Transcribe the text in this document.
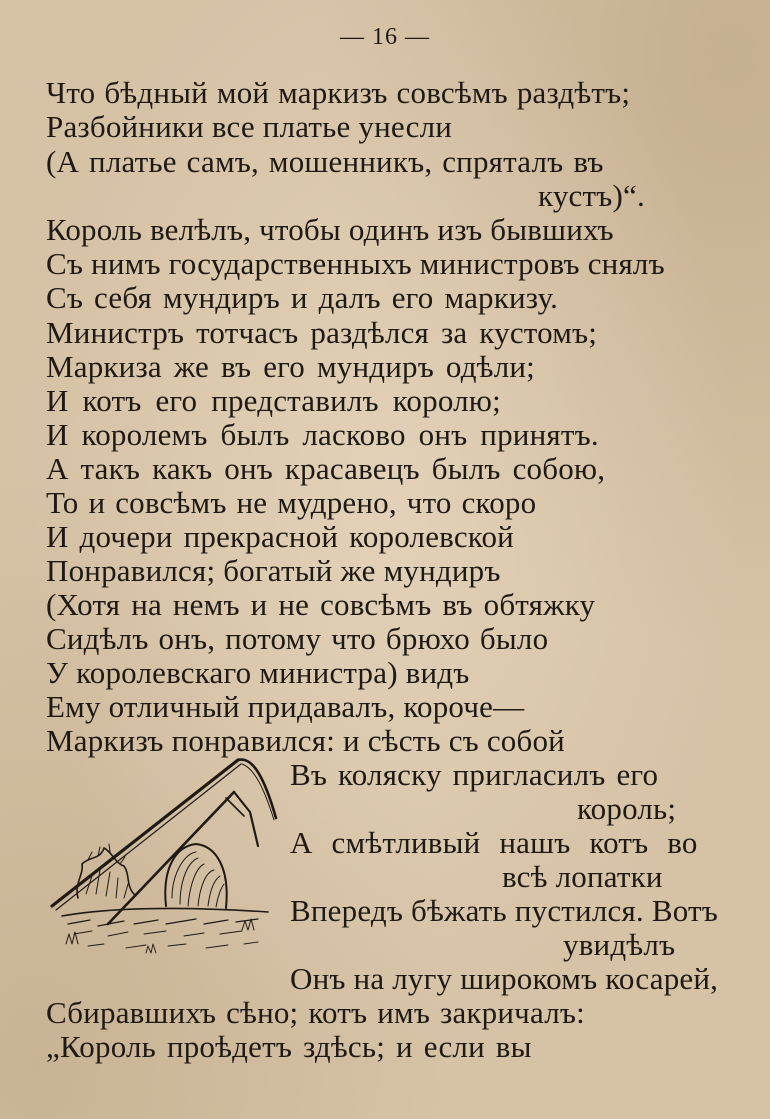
— 16 —
Что бѣдный мой маркизъ совсѣмъ раздѣтъ;
Разбойники все платье унесли
(А платье самъ, мошенникъ, спряталъ въ
кустъ)“.
Король велѣлъ, чтобы одинъ изъ бывшихъ
Съ нимъ государственныхъ министровъ снялъ
Съ себя мундиръ и далъ его маркизу.
Министръ тотчасъ раздѣлся за кустомъ;
Маркиза же въ его мундиръ одѣли;
И котъ его представилъ королю;
И королемъ былъ ласково онъ принятъ.
А такъ какъ онъ красавецъ былъ собою,
То и совсѣмъ не мудрено, что скоро
И дочери прекрасной королевской
Понравился; богатый же мундиръ
(Хотя на немъ и не совсѣмъ въ обтяжку
Сидѣлъ онъ, потому что брюхо было
У королевскаго министра) видъ
Ему отличный придавалъ, короче—
Маркизъ понравился: и сѣсть съ собой
Въ коляску пригласилъ его
король;
А смѣтливый нашъ котъ во
всѣ лопатки
Впередъ бѣжать пустился. Вотъ
увидѣлъ
Онъ на лугу широкомъ косарей,
Сбиравшихъ сѣно; котъ имъ закричалъ:
„Король проѣдетъ здѣсь; и если вы
